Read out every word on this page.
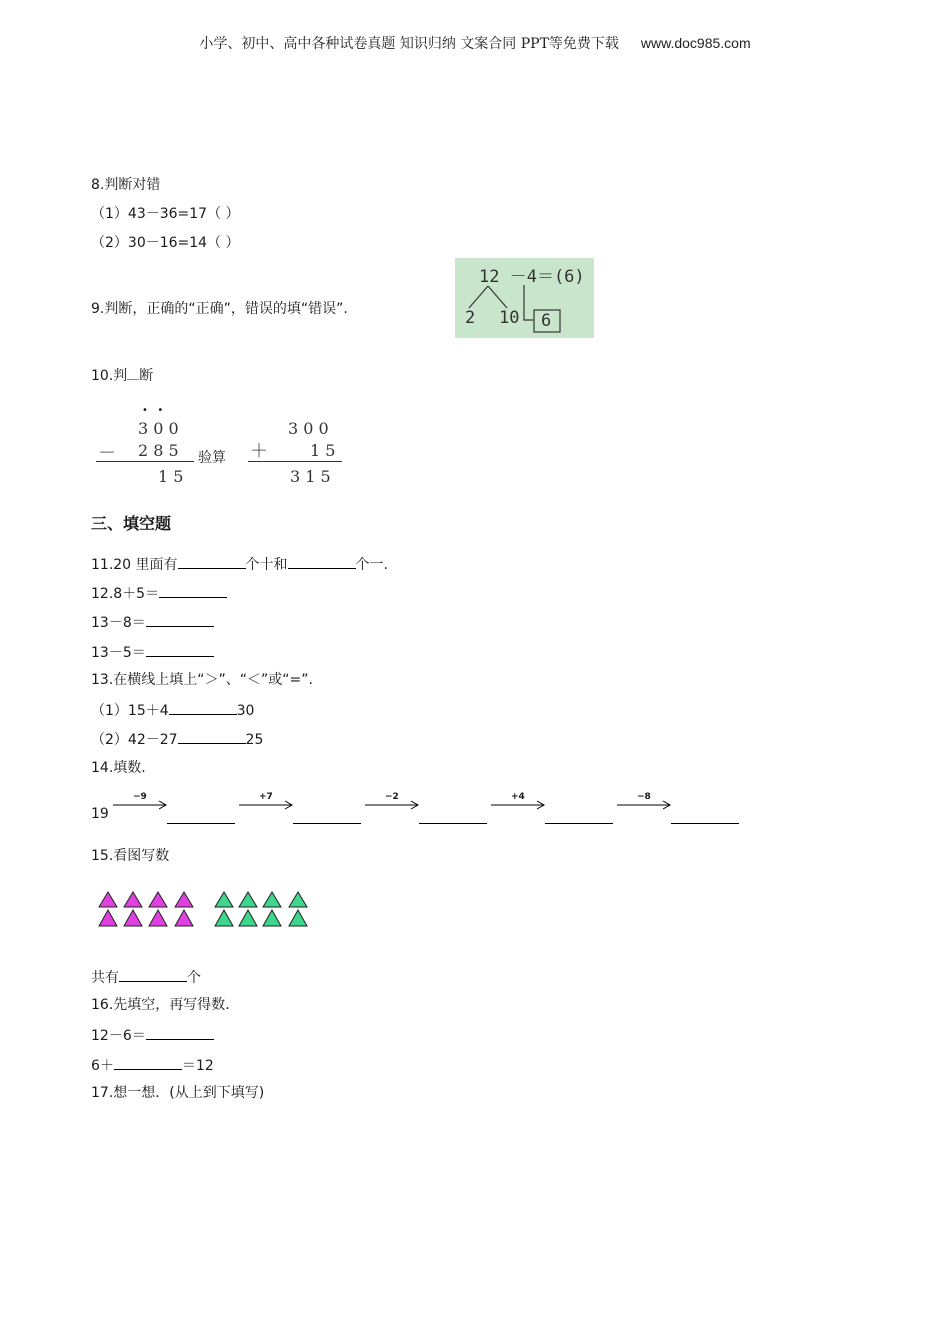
小学、初中、高中各种试卷真题 知识归纳 文案合同 PPT等免费下载 www.doc985.com
8.判断对错
（1）43－36=17（ ）
（2）30－16=14（ ）
9.判断，正确的“正确”，错误的填“错误”.
12 －4＝(6)
2 10 6
10.判 断
•   •
3 0 0
－ 2 8 5
1 5
验算
3 0 0
＋	1 5
3 1 5
三、填空题
11.20 里面有	个十和	个一.
12.8＋5＝
13－8＝
13－5＝
13.在横线上填上“＞”、“＜”或“=”.
（1）15＋4	30
（2）42－27	25
14.填数.
19
−9	+7	−2	+4	−8
15.看图写数
共有	个
16.先填空，再写得数.
12－6＝
6＋	＝12
17.想一想．(从上到下填写)
